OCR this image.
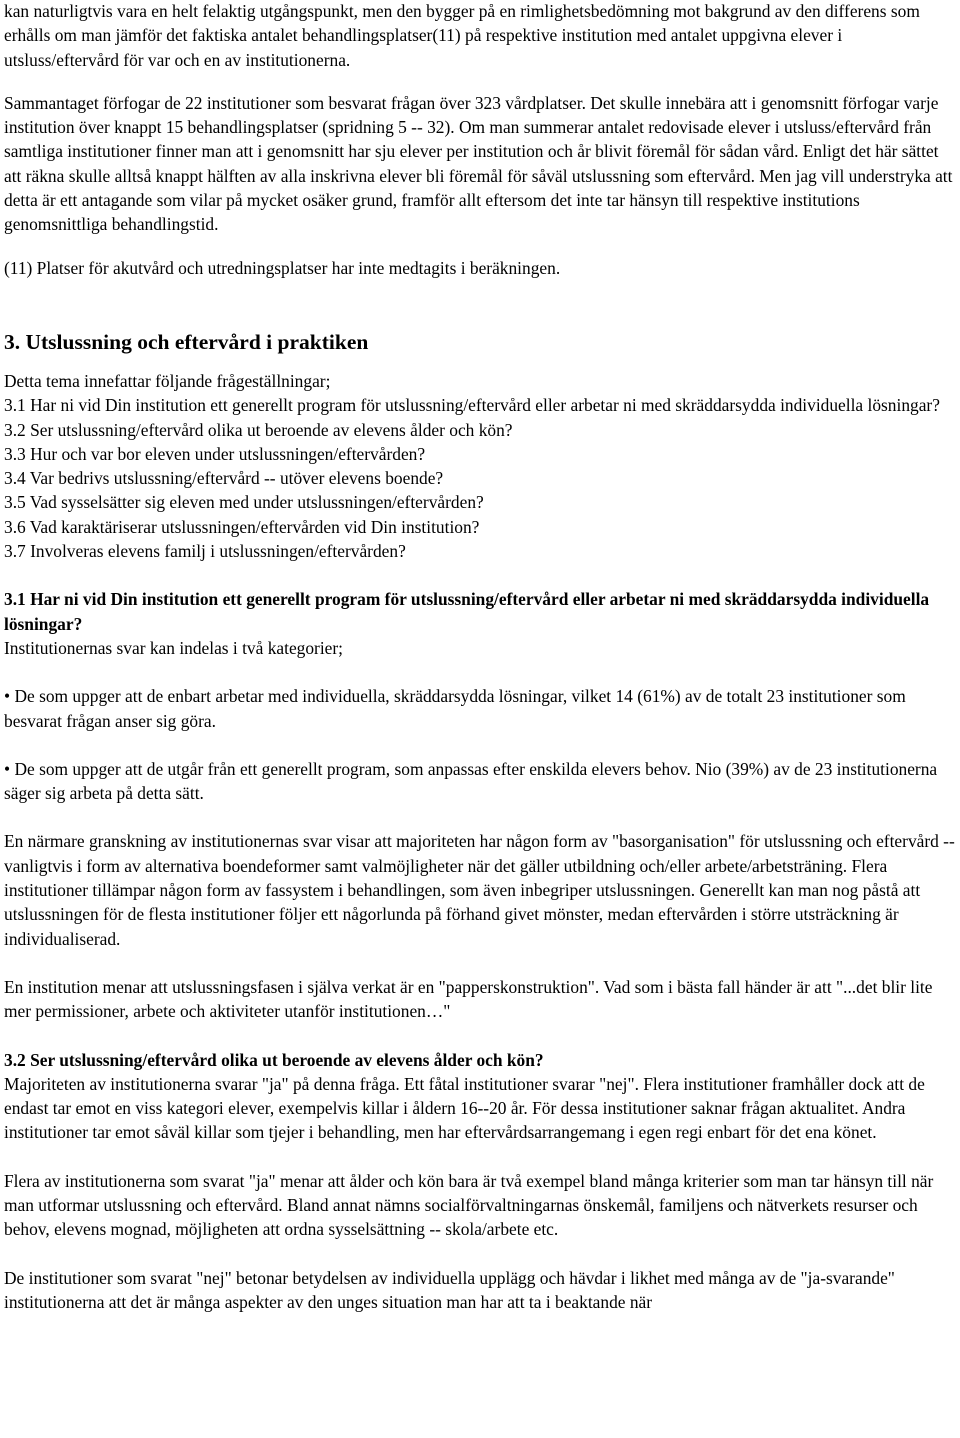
kan naturligtvis vara en helt felaktig utgångspunkt, men den bygger på en rimlighetsbedömning mot bakgrund av den differens som erhålls om man jämför det faktiska antalet behandlingsplatser(11) på respektive institution med antalet uppgivna elever i utsluss/eftervård för var och en av institutionerna.

Sammantaget förfogar de 22 institutioner som besvarat frågan över 323 vårdplatser. Det skulle innebära att i genomsnitt förfogar varje institution över knappt 15 behandlingsplatser (spridning 5 -- 32). Om man summerar antalet redovisade elever i utsluss/eftervård från samtliga institutioner finner man att i genomsnitt har sju elever per institution och år blivit föremål för sådan vård. Enligt det här sättet att räkna skulle alltså knappt hälften av alla inskrivna elever bli föremål för såväl utslussning som eftervård. Men jag vill understryka att detta är ett antagande som vilar på mycket osäker grund, framför allt eftersom det inte tar hänsyn till respektive institutions genomsnittliga behandlingstid.

(11) Platser för akutvård och utredningsplatser har inte medtagits i beräkningen.

3. Utslussning och eftervård i praktiken

Detta tema innefattar följande frågeställningar;

3.1 Har ni vid Din institution ett generellt program för utslussning/eftervård eller arbetar ni med skräddarsydda individuella lösningar?
3.2 Ser utslussning/eftervård olika ut beroende av elevens ålder och kön?
3.3 Hur och var bor eleven under utslussningen/eftervården?
3.4 Var bedrivs utslussning/eftervård -- utöver elevens boende?
3.5 Vad sysselsätter sig eleven med under utslussningen/eftervården?
3.6 Vad karaktäriserar utslussningen/eftervården vid Din institution?
3.7 Involveras elevens familj i utslussningen/eftervården?

3.1 Har ni vid Din institution ett generellt program för utslussning/eftervård eller arbetar ni med skräddarsydda individuella lösningar?

Institutionernas svar kan indelas i två kategorier;

• De som uppger att de enbart arbetar med individuella, skräddarsydda lösningar, vilket 14 (61%) av de totalt 23 institutioner som besvarat frågan anser sig göra.

• De som uppger att de utgår från ett generellt program, som anpassas efter enskilda elevers behov. Nio (39%) av de 23 institutionerna säger sig arbeta på detta sätt.

En närmare granskning av institutionernas svar visar att majoriteten har någon form av "basorganisation" för utslussning och eftervård -- vanligtvis i form av alternativa boendeformer samt valmöjligheter när det gäller utbildning och/eller arbete/arbetsträning. Flera institutioner tillämpar någon form av fassystem i behandlingen, som även inbegriper utslussningen. Generellt kan man nog påstå att utslussningen för de flesta institutioner följer ett någorlunda på förhand givet mönster, medan eftervården i större utsträckning är individualiserad.

En institution menar att utslussningsfasen i själva verkat är en "papperskonstruktion". Vad som i bästa fall händer är att "...det blir lite mer permissioner, arbete och aktiviteter utanför institutionen…"

3.2 Ser utslussning/eftervård olika ut beroende av elevens ålder och kön?

Majoriteten av institutionerna svarar "ja" på denna fråga. Ett fåtal institutioner svarar "nej". Flera institutioner framhåller dock att de endast tar emot en viss kategori elever, exempelvis killar i åldern 16--20 år. För dessa institutioner saknar frågan aktualitet. Andra institutioner tar emot såväl killar som tjejer i behandling, men har eftervårdsarrangemang i egen regi enbart för det ena könet.

Flera av institutionerna som svarat "ja" menar att ålder och kön bara är två exempel bland många kriterier som man tar hänsyn till när man utformar utslussning och eftervård. Bland annat nämns socialförvaltningarnas önskemål, familjens och nätverkets resurser och behov, elevens mognad, möjligheten att ordna sysselsättning -- skola/arbete etc.

De institutioner som svarat "nej" betonar betydelsen av individuella upplägg och hävdar i likhet med många av de "ja-svarande" institutionerna att det är många aspekter av den unges situation man har att ta i beaktande när
